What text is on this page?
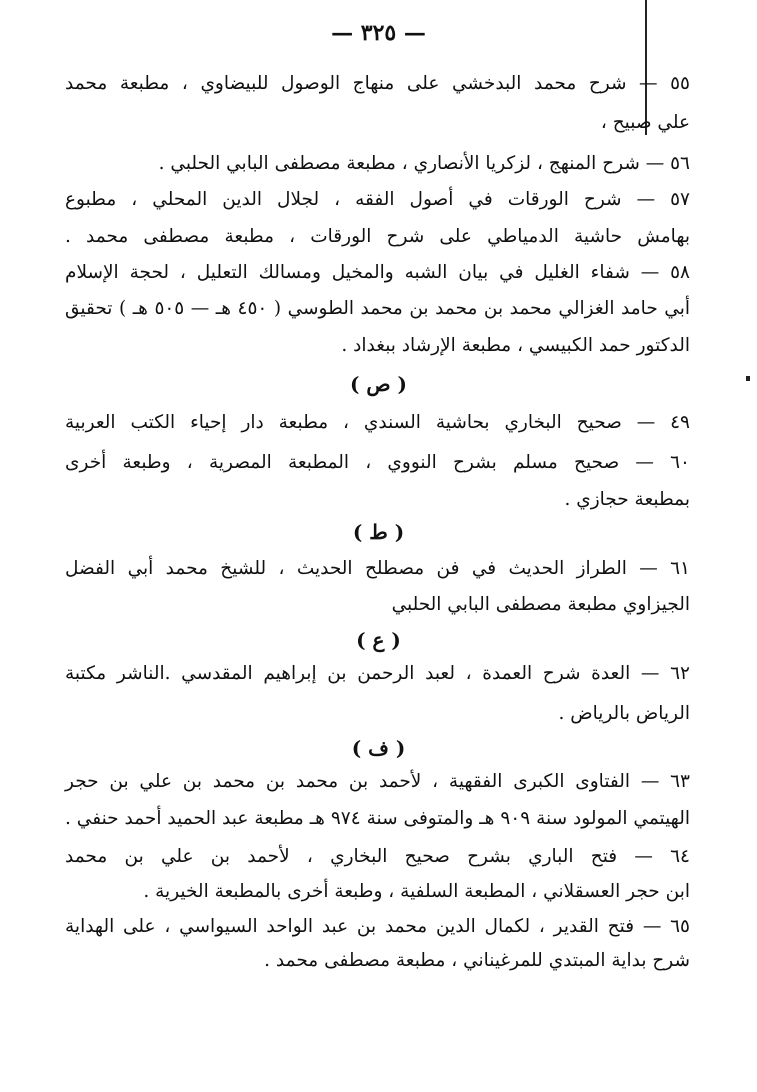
— ٣٢٥ —
٥٥ — شرح محمد البدخشي على منهاج الوصول للبيضاوي ، مطبعة محمد
علي صبيح ،
٥٦ — شرح المنهج ، لزكريا الأنصاري ، مطبعة مصطفى البابي الحلبي .
٥٧ — شرح الورقات في أصول الفقه ، لجلال الدين المحلي ، مطبوع
بهامش حاشية الدمياطي على شرح الورقات ، مطبعة مصطفى محمد .
٥٨ — شفاء الغليل في بيان الشبه والمخيل ومسالك التعليل ، لحجة الإسلام
أبي حامد الغزالي محمد بن محمد بن محمد الطوسي ( ٤٥٠ هـ — ٥٠٥ هـ ) تحقيق
الدكتور حمد الكبيسي ، مطبعة الإرشاد ببغداد .
( ص )
٤٩ — صحيح البخاري بحاشية السندي ، مطبعة دار إحياء الكتب العربية
٦٠ — صحيح مسلم بشرح النووي ، المطبعة المصرية ، وطبعة أخرى
بمطبعة حجازي .
( ط )
٦١ — الطراز الحديث في فن مصطلح الحديث ، للشيخ محمد أبي الفضل
الجيزاوي مطبعة مصطفى البابي الحلبي
( ع )
٦٢ — العدة شرح العمدة ، لعبد الرحمن بن إبراهيم المقدسي .الناشر مكتبة
الرياض بالرياض .
( ف )
٦٣ — الفتاوى الكبرى الفقهية ، لأحمد بن محمد بن محمد بن علي بن حجر
الهيتمي المولود سنة ٩٠٩ هـ والمتوفى سنة ٩٧٤ هـ مطبعة عبد الحميد أحمد حنفي .
٦٤ — فتح الباري بشرح صحيح البخاري ، لأحمد بن علي بن محمد
ابن حجر العسقلاني ، المطبعة السلفية ، وطبعة أخرى بالمطبعة الخيرية .
٦٥ — فتح القدير ، لكمال الدين محمد بن عبد الواحد السيواسي ، على الهداية
شرح بداية المبتدي للمرغيناني ، مطبعة مصطفى محمد .
